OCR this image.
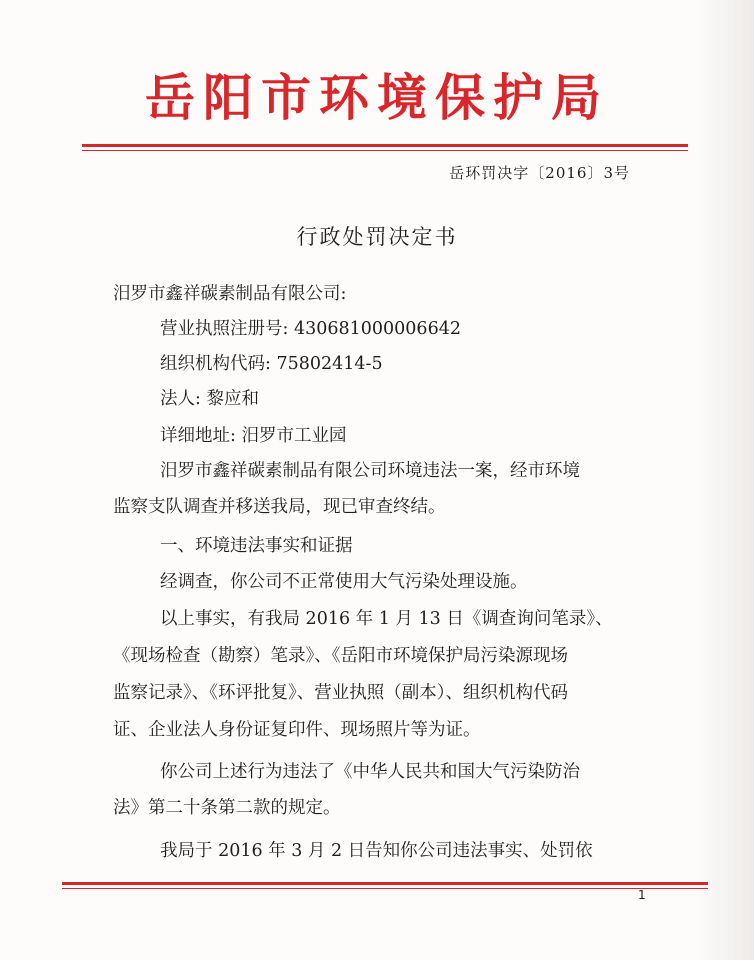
岳阳市环境保护局
岳环罚决字〔2016〕3号
行政处罚决定书
汨罗市鑫祥碳素制品有限公司:
营业执照注册号: 430681000006642
组织机构代码: 75802414-5
法人: 黎应和
详细地址: 汨罗市工业园
汨罗市鑫祥碳素制品有限公司环境违法一案，经市环境
监察支队调查并移送我局，现已审查终结。
一、环境违法事实和证据
经调查，你公司不正常使用大气污染处理设施。
以上事实，有我局 2016 年 1 月 13 日《调查询问笔录》、
《现场检查（勘察）笔录》、《岳阳市环境保护局污染源现场
监察记录》、《环评批复》、营业执照（副本）、组织机构代码
证、企业法人身份证复印件、现场照片等为证。
你公司上述行为违法了《中华人民共和国大气污染防治
法》第二十条第二款的规定。
我局于 2016 年 3 月 2 日告知你公司违法事实、处罚依
1
